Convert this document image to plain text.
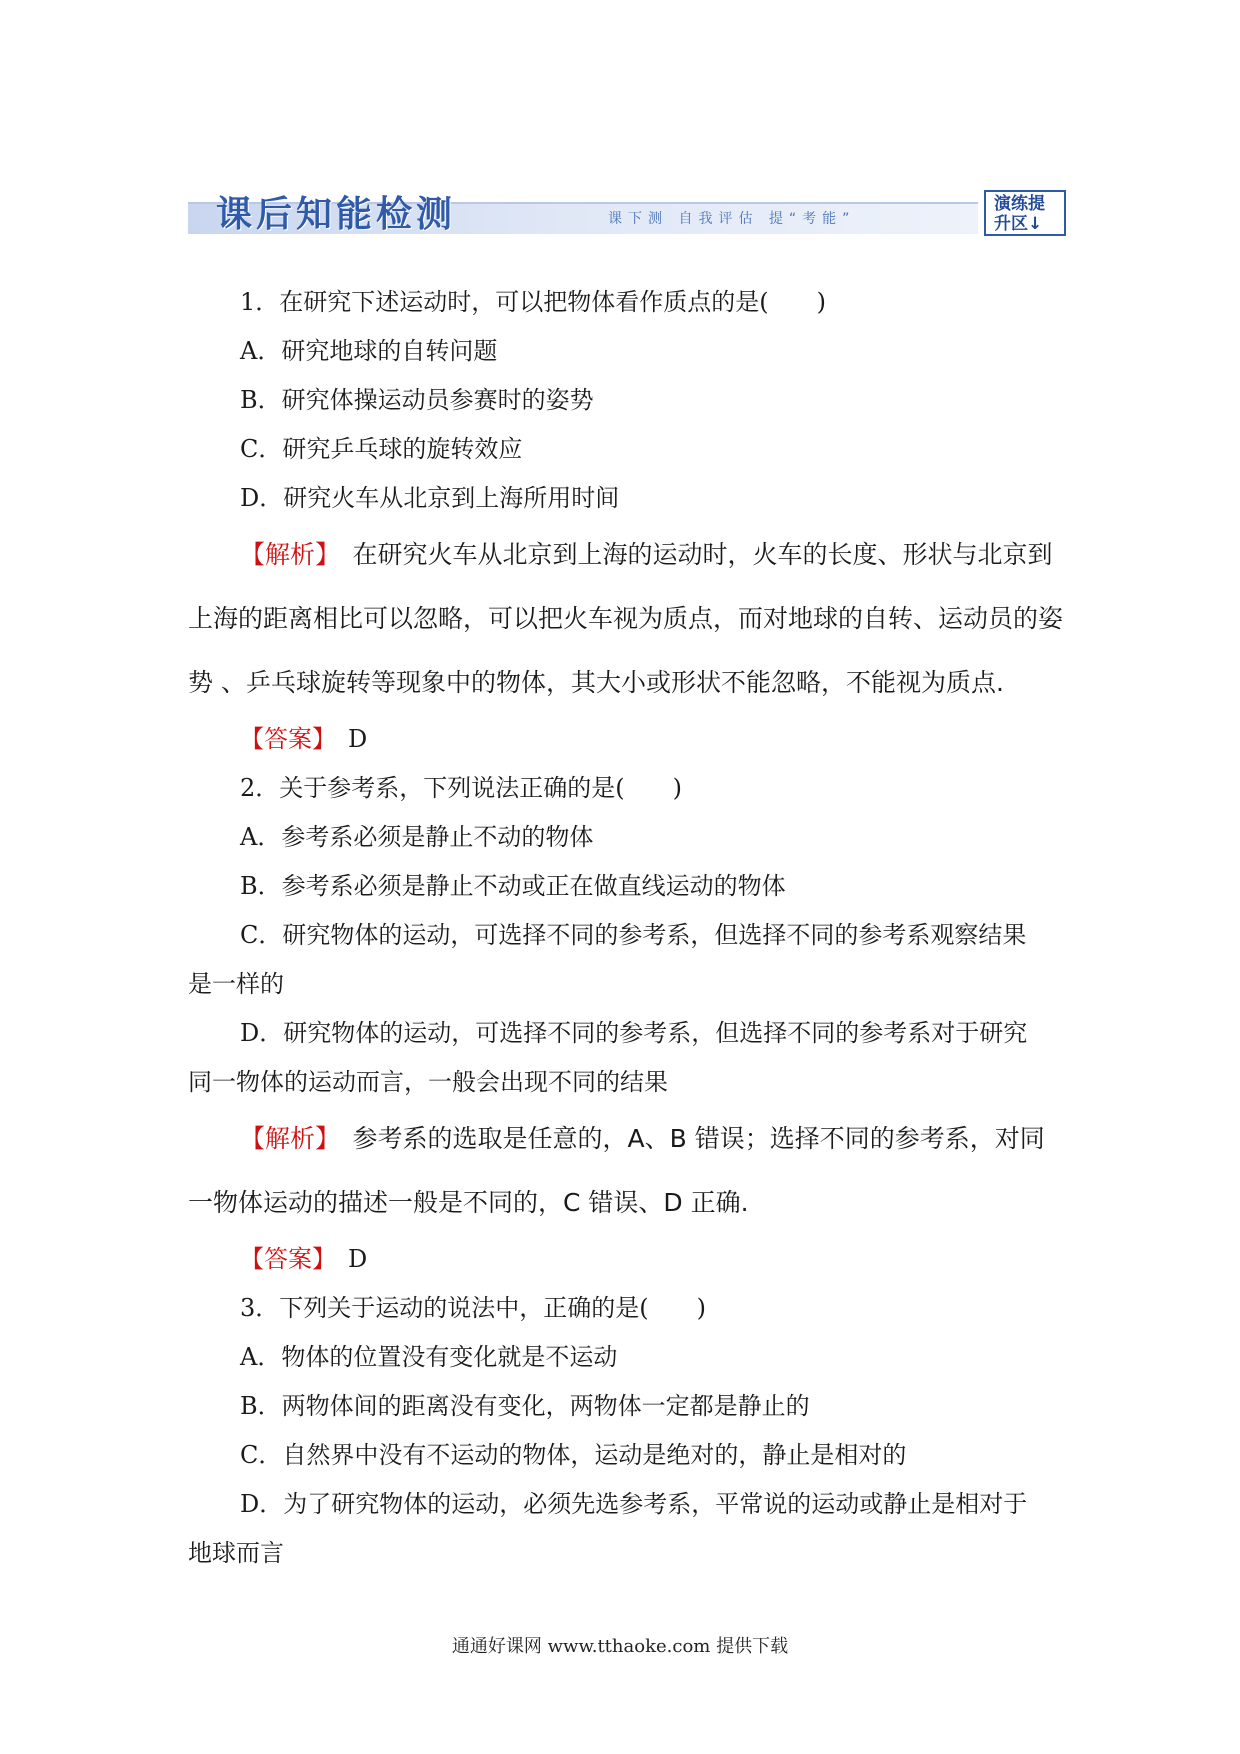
课后知能检测	课下测 自我评估 提“考能”
演练提
升区↓

1．在研究下述运动时，可以把物体看作质点的是(　　)

A．研究地球的自转问题

B．研究体操运动员参赛时的姿势

C．研究乒乓球的旋转效应

D．研究火车从北京到上海所用时间

【解析】　在研究火车从北京到上海的运动时，火车的长度、形状与北京到

上海的距离相比可以忽略，可以把火车视为质点，而对地球的自转、运动员的姿

势 、乒乓球旋转等现象中的物体，其大小或形状不能忽略，不能视为质点.

【答案】　D

2．关于参考系，下列说法正确的是(　　)

A．参考系必须是静止不动的物体

B．参考系必须是静止不动或正在做直线运动的物体

C．研究物体的运动，可选择不同的参考系，但选择不同的参考系观察结果

是一样的

D．研究物体的运动，可选择不同的参考系，但选择不同的参考系对于研究

同一物体的运动而言，一般会出现不同的结果

【解析】　参考系的选取是任意的，A、B 错误；选择不同的参考系，对同

一物体运动的描述一般是不同的，C 错误、D 正确.

【答案】　D

3．下列关于运动的说法中，正确的是(　　)

A．物体的位置没有变化就是不运动

B．两物体间的距离没有变化，两物体一定都是静止的

C．自然界中没有不运动的物体，运动是绝对的，静止是相对的

D．为了研究物体的运动，必须先选参考系，平常说的运动或静止是相对于

地球而言

通通好课网 www.tthaoke.com 提供下载
